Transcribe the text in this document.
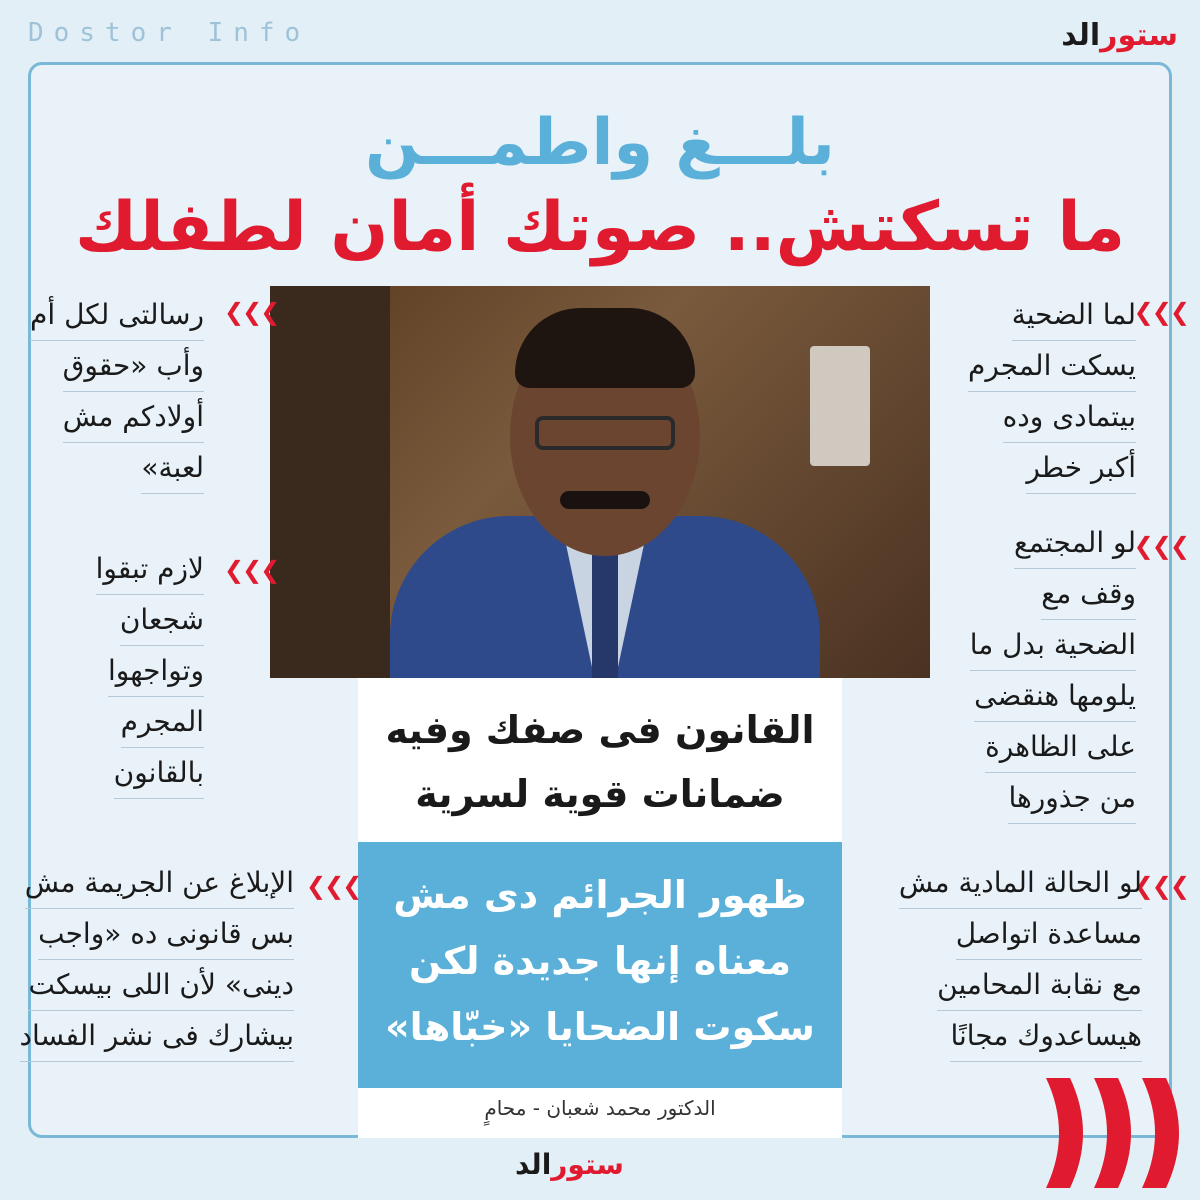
Dostor Info	ستورالد
بلـــغ واطمـــن
ما تسكتش.. صوتك أمان لطفلك
القانون فى صفك وفيه
ضمانات قوية لسرية
ظهور الجرائم دى مش
معناه إنها جديدة لكن
سكوت الضحايا «خبّاها»
الدكتور محمد شعبان - محامٍ
❯❯❯
لما الضحية
يسكت المجرم
بيتمادى وده
أكبر خطر
❯❯❯
لو المجتمع
وقف مع
الضحية بدل ما
يلومها هنقضى
على الظاهرة
من جذورها
❯❯❯
لو الحالة المادية مش
مساعدة اتواصل
مع نقابة المحامين
هيساعدوك مجانًا
❯❯❯
رسالتى لكل أم
وأب «حقوق
أولادكم مش
لعبة»
❯❯❯
لازم تبقوا
شجعان
وتواجهوا
المجرم
بالقانون
❯❯❯
الإبلاغ عن الجريمة مش
بس قانونى ده «واجب
دينى» لأن اللى بيسكت
بيشارك فى نشر الفساد
ستورالد
